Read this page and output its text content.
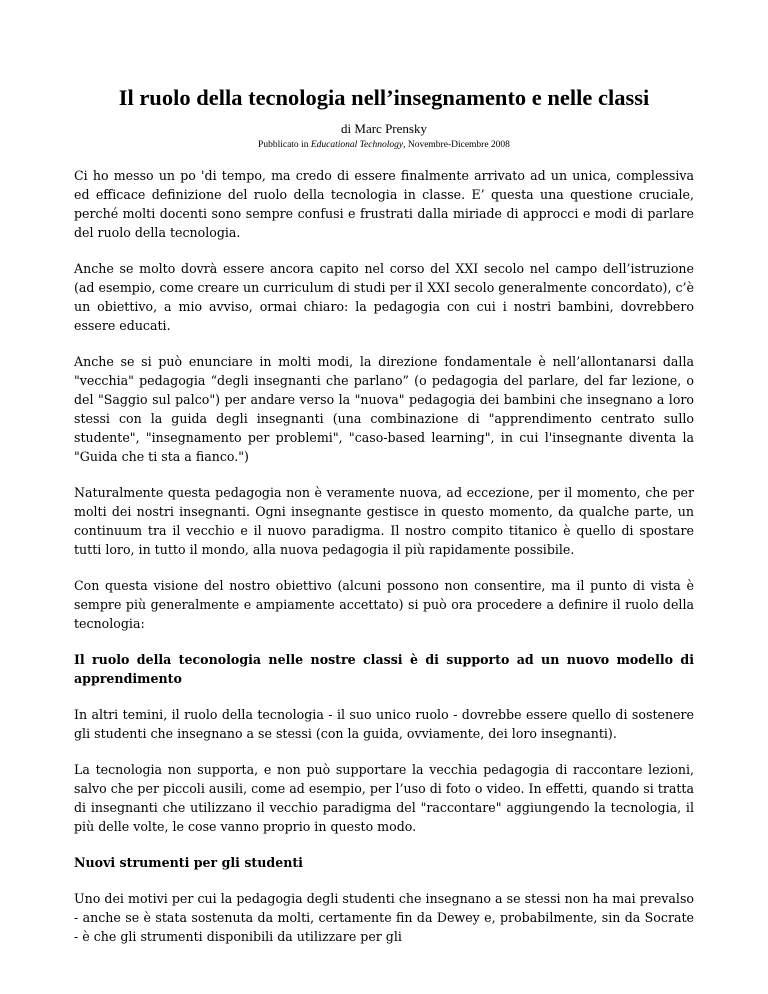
Il ruolo della tecnologia nell’insegnamento e nelle classi

di Marc Prensky

Pubblicato in Educational Technology, Novembre-Dicembre 2008

Ci ho messo un po 'di tempo, ma credo di essere finalmente arrivato ad un unica, complessiva ed efficace definizione del ruolo della tecnologia in classe. E’ questa una questione cruciale, perché molti docenti sono sempre confusi e frustrati dalla miriade di approcci e modi di parlare del ruolo della tecnologia.

Anche se molto dovrà essere ancora capito nel corso del XXI secolo nel campo dell’istruzione (ad esempio, come creare un curriculum di studi per il XXI secolo generalmente concordato), c’è un obiettivo, a mio avviso, ormai chiaro: la pedagogia con cui i nostri bambini, dovrebbero essere educati.

Anche se si può enunciare in molti modi, la direzione fondamentale è nell’allontanarsi dalla "vecchia" pedagogia “degli insegnanti che parlano” (o pedagogia del parlare, del far lezione, o del "Saggio sul palco") per andare verso la "nuova" pedagogia dei bambini che insegnano a loro stessi con la guida degli insegnanti (una combinazione di "apprendimento centrato sullo studente", "insegnamento per problemi", "caso-based learning", in cui l'insegnante diventa la "Guida che ti sta a fianco.")

Naturalmente questa pedagogia non è veramente nuova, ad eccezione, per il momento, che per molti dei nostri insegnanti. Ogni insegnante gestisce in questo momento, da qualche parte, un continuum tra il vecchio e il nuovo paradigma. Il nostro compito titanico è quello di spostare tutti loro, in tutto il mondo, alla nuova pedagogia il più rapidamente possibile.

Con questa visione del nostro obiettivo (alcuni possono non consentire, ma il punto di vista è sempre più generalmente e ampiamente accettato) si può ora procedere a definire il ruolo della tecnologia:

Il ruolo della teconologia nelle nostre classi è di supporto ad un nuovo modello di apprendimento

In altri temini, il ruolo della tecnologia - il suo unico ruolo - dovrebbe essere quello di sostenere gli studenti che insegnano a se stessi (con la guida, ovviamente, dei loro insegnanti).

La tecnologia non supporta, e non può supportare la vecchia pedagogia di raccontare lezioni, salvo che per piccoli ausili, come ad esempio, per l’uso di foto o video. In effetti, quando si tratta di insegnanti che utilizzano il vecchio paradigma del "raccontare" aggiungendo la tecnologia, il più delle volte, le cose vanno proprio in questo modo.

Nuovi strumenti per gli studenti

Uno dei motivi per cui la pedagogia degli studenti che insegnano a se stessi non ha mai prevalso - anche se è stata sostenuta da molti, certamente fin da Dewey e, probabilmente, sin da Socrate - è che gli strumenti disponibili da utilizzare per gli
